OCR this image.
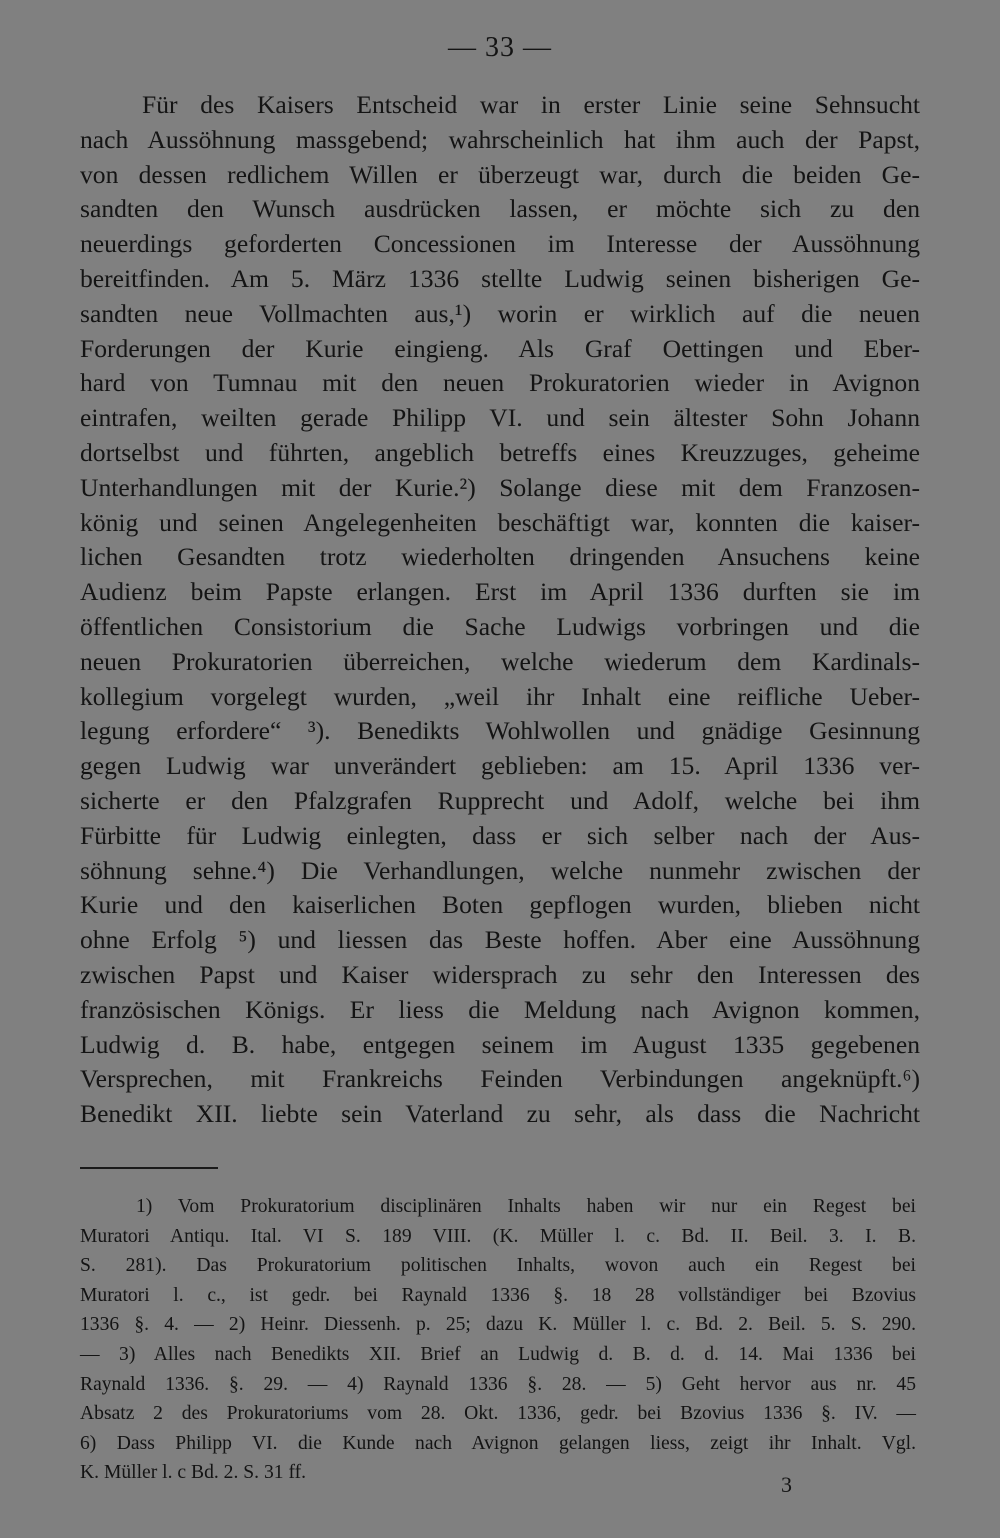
— 33 —
Für des Kaisers Entscheid war in erster Linie seine Sehnsucht
nach Aussöhnung massgebend; wahrscheinlich hat ihm auch der Papst,
von dessen redlichem Willen er überzeugt war, durch die beiden Ge-
sandten den Wunsch ausdrücken lassen, er möchte sich zu den
neuerdings geforderten Concessionen im Interesse der Aussöhnung
bereitfinden. Am 5. März 1336 stellte Ludwig seinen bisherigen Ge-
sandten neue Vollmachten aus,¹) worin er wirklich auf die neuen
Forderungen der Kurie eingieng. Als Graf Oettingen und Eber-
hard von Tumnau mit den neuen Prokuratorien wieder in Avignon
eintrafen, weilten gerade Philipp VI. und sein ältester Sohn Johann
dortselbst und führten, angeblich betreffs eines Kreuzzuges, geheime
Unterhandlungen mit der Kurie.²) Solange diese mit dem Franzosen-
könig und seinen Angelegenheiten beschäftigt war, konnten die kaiser-
lichen Gesandten trotz wiederholten dringenden Ansuchens keine
Audienz beim Papste erlangen. Erst im April 1336 durften sie im
öffentlichen Consistorium die Sache Ludwigs vorbringen und die
neuen Prokuratorien überreichen, welche wiederum dem Kardinals-
kollegium vorgelegt wurden, „weil ihr Inhalt eine reifliche Ueber-
legung erfordere“ ³). Benedikts Wohlwollen und gnädige Gesinnung
gegen Ludwig war unverändert geblieben: am 15. April 1336 ver-
sicherte er den Pfalzgrafen Rupprecht und Adolf, welche bei ihm
Fürbitte für Ludwig einlegten, dass er sich selber nach der Aus-
söhnung sehne.⁴) Die Verhandlungen, welche nunmehr zwischen der
Kurie und den kaiserlichen Boten gepflogen wurden, blieben nicht
ohne Erfolg ⁵) und liessen das Beste hoffen. Aber eine Aussöhnung
zwischen Papst und Kaiser widersprach zu sehr den Interessen des
französischen Königs. Er liess die Meldung nach Avignon kommen,
Ludwig d. B. habe, entgegen seinem im August 1335 gegebenen
Versprechen, mit Frankreichs Feinden Verbindungen angeknüpft.⁶)
Benedikt XII. liebte sein Vaterland zu sehr, als dass die Nachricht
1) Vom Prokuratorium disciplinären Inhalts haben wir nur ein Regest bei
Muratori Antiqu. Ital. VI S. 189 VIII. (K. Müller l. c. Bd. II. Beil. 3. I. B.
S. 281). Das Prokuratorium politischen Inhalts, wovon auch ein Regest bei
Muratori l. c., ist gedr. bei Raynald 1336 §. 18 28 vollständiger bei Bzovius
1336 §. 4. — 2) Heinr. Diessenh. p. 25; dazu K. Müller l. c. Bd. 2. Beil. 5. S. 290.
— 3) Alles nach Benedikts XII. Brief an Ludwig d. B. d. d. 14. Mai 1336 bei
Raynald 1336. §. 29. — 4) Raynald 1336 §. 28. — 5) Geht hervor aus nr. 45
Absatz 2 des Prokuratoriums vom 28. Okt. 1336, gedr. bei Bzovius 1336 §. IV. —
6) Dass Philipp VI. die Kunde nach Avignon gelangen liess, zeigt ihr Inhalt. Vgl.
K. Müller l. c Bd. 2. S. 31 ff.	3
